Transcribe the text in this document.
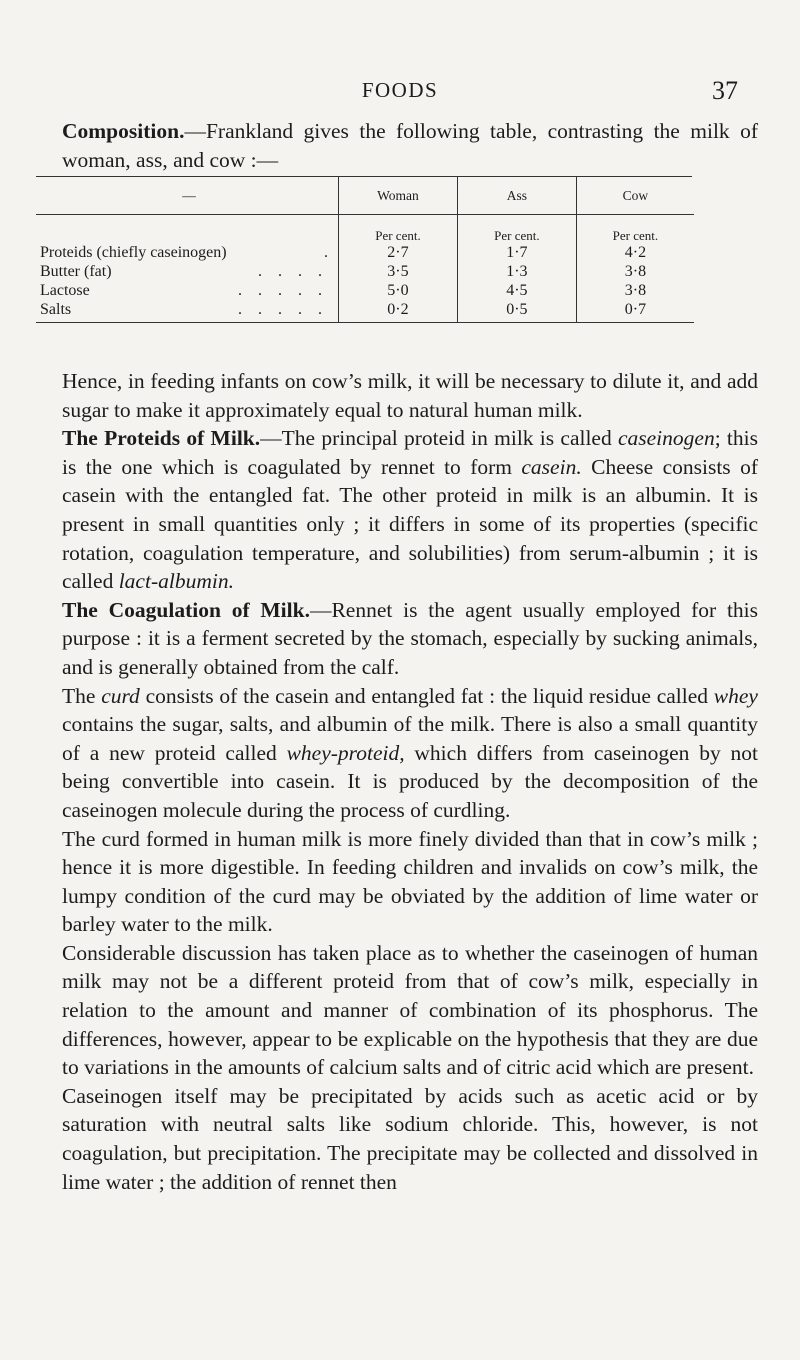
FOODS	37

Composition.—Frankland gives the following table, contrasting the milk of woman, ass, and cow :—

—	Woman	Ass	Cow
	Per cent.	Per cent.	Per cent.
Proteids (chiefly caseinogen) .	2·7	1·7	4·2
Butter (fat) . . . .	3·5	1·3	3·8
Lactose . . . . .	5·0	4·5	3·8
Salts . . . . .	0·2	0·5	0·7

Hence, in feeding infants on cow’s milk, it will be necessary to dilute it, and add sugar to make it approximately equal to natural human milk.

The Proteids of Milk.—The principal proteid in milk is called caseinogen; this is the one which is coagulated by rennet to form casein. Cheese consists of casein with the entangled fat. The other proteid in milk is an albumin. It is present in small quantities only ; it differs in some of its properties (specific rotation, coagulation temperature, and solubilities) from serum-albumin ; it is called lact-albumin.

The Coagulation of Milk.—Rennet is the agent usually employed for this purpose : it is a ferment secreted by the stomach, especially by sucking animals, and is generally obtained from the calf.

The curd consists of the casein and entangled fat : the liquid residue called whey contains the sugar, salts, and albumin of the milk. There is also a small quantity of a new proteid called whey-proteid, which differs from caseinogen by not being convertible into casein. It is produced by the decomposition of the caseinogen molecule during the process of curdling.

The curd formed in human milk is more finely divided than that in cow’s milk ; hence it is more digestible. In feeding children and invalids on cow’s milk, the lumpy condition of the curd may be obviated by the addition of lime water or barley water to the milk.

Considerable discussion has taken place as to whether the caseinogen of human milk may not be a different proteid from that of cow’s milk, especially in relation to the amount and manner of combination of its phosphorus. The differences, however, appear to be explicable on the hypothesis that they are due to variations in the amounts of calcium salts and of citric acid which are present.

Caseinogen itself may be precipitated by acids such as acetic acid or by saturation with neutral salts like sodium chloride. This, however, is not coagulation, but precipitation. The precipitate may be collected and dissolved in lime water ; the addition of rennet then
